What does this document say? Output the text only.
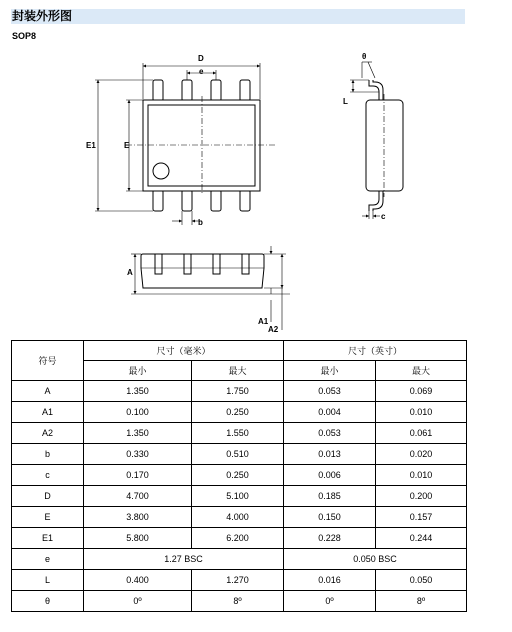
封装外形图
SOP8
D
e
b
E
E1
θ
L
c
A
A1
A2
符号	尺寸（毫米）		尺寸（英寸）	
	最小	最大	最小	最大
A	1.350	1.750	0.053	0.069
A1	0.100	0.250	0.004	0.010
A2	1.350	1.550	0.053	0.061
b	0.330	0.510	0.013	0.020
c	0.170	0.250	0.006	0.010
D	4.700	5.100	0.185	0.200
E	3.800	4.000	0.150	0.157
E1	5.800	6.200	0.228	0.244
e	1.27 BSC		0.050 BSC	
L	0.400	1.270	0.016	0.050
θ	0º	8º	0º	8º
